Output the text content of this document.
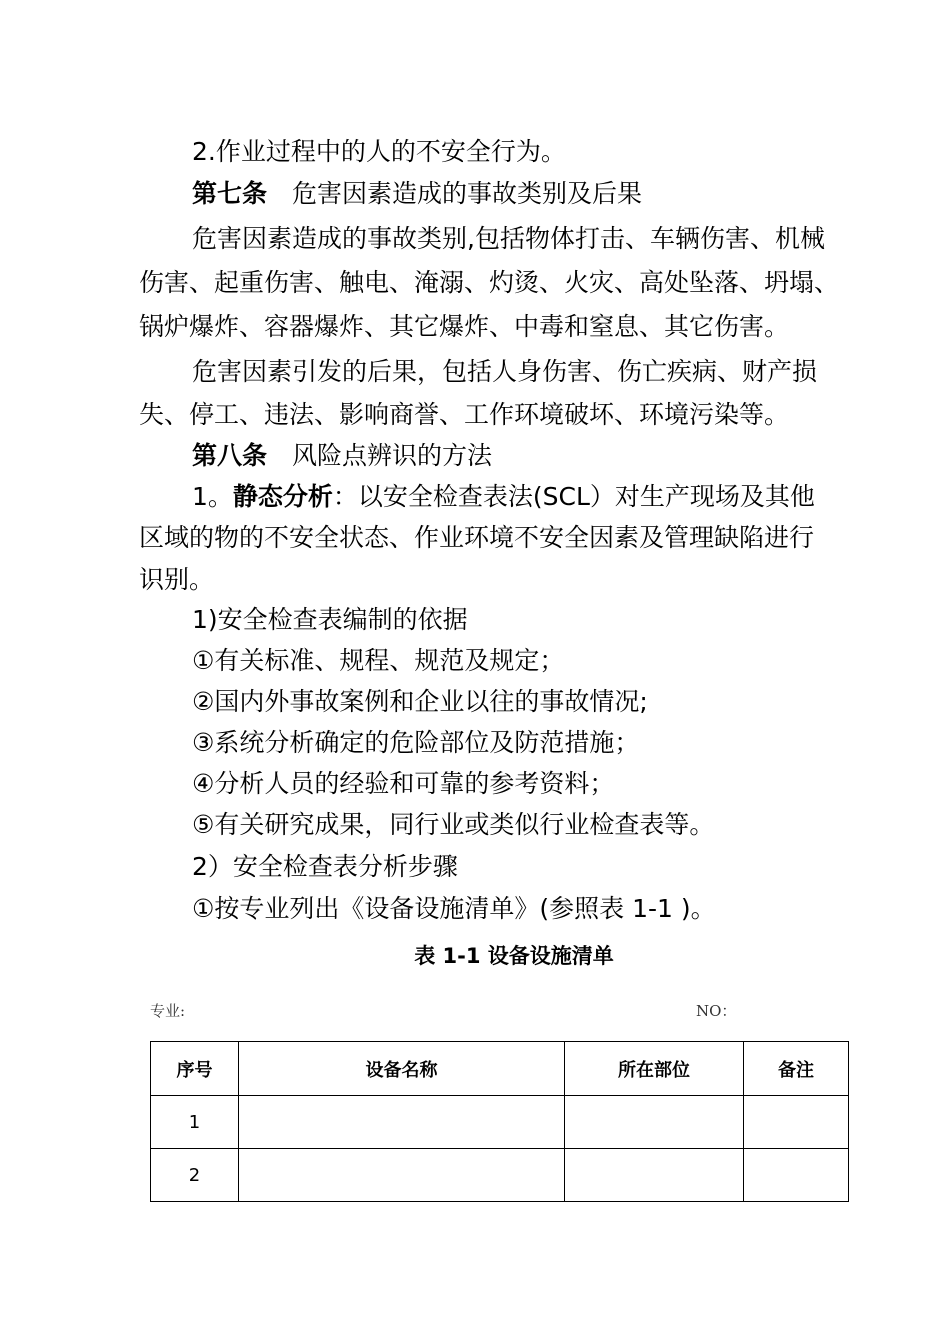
2.作业过程中的人的不安全行为。
第七条　危害因素造成的事故类别及后果
危害因素造成的事故类别,包括物体打击、车辆伤害、机械
伤害、起重伤害、触电、淹溺、灼烫、火灾、高处坠落、坍塌、
锅炉爆炸、容器爆炸、其它爆炸、中毒和窒息、其它伤害。
危害因素引发的后果，包括人身伤害、伤亡疾病、财产损
失、停工、违法、影响商誉、工作环境破坏、环境污染等。
第八条　风险点辨识的方法
1。静态分析：以安全检查表法(SCL）对生产现场及其他
区域的物的不安全状态、作业环境不安全因素及管理缺陷进行
识别。
1)安全检查表编制的依据
①有关标准、规程、规范及规定；
②国内外事故案例和企业以往的事故情况;
③系统分析确定的危险部位及防范措施；
④分析人员的经验和可靠的参考资料；
⑤有关研究成果，同行业或类似行业检查表等。
2）安全检查表分析步骤
①按专业列出《设备设施清单》(参照表 1-1 )。
表 1-1 设备设施清单
专业:	NO：
序号	设备名称	所在部位	备注
1			
2			
